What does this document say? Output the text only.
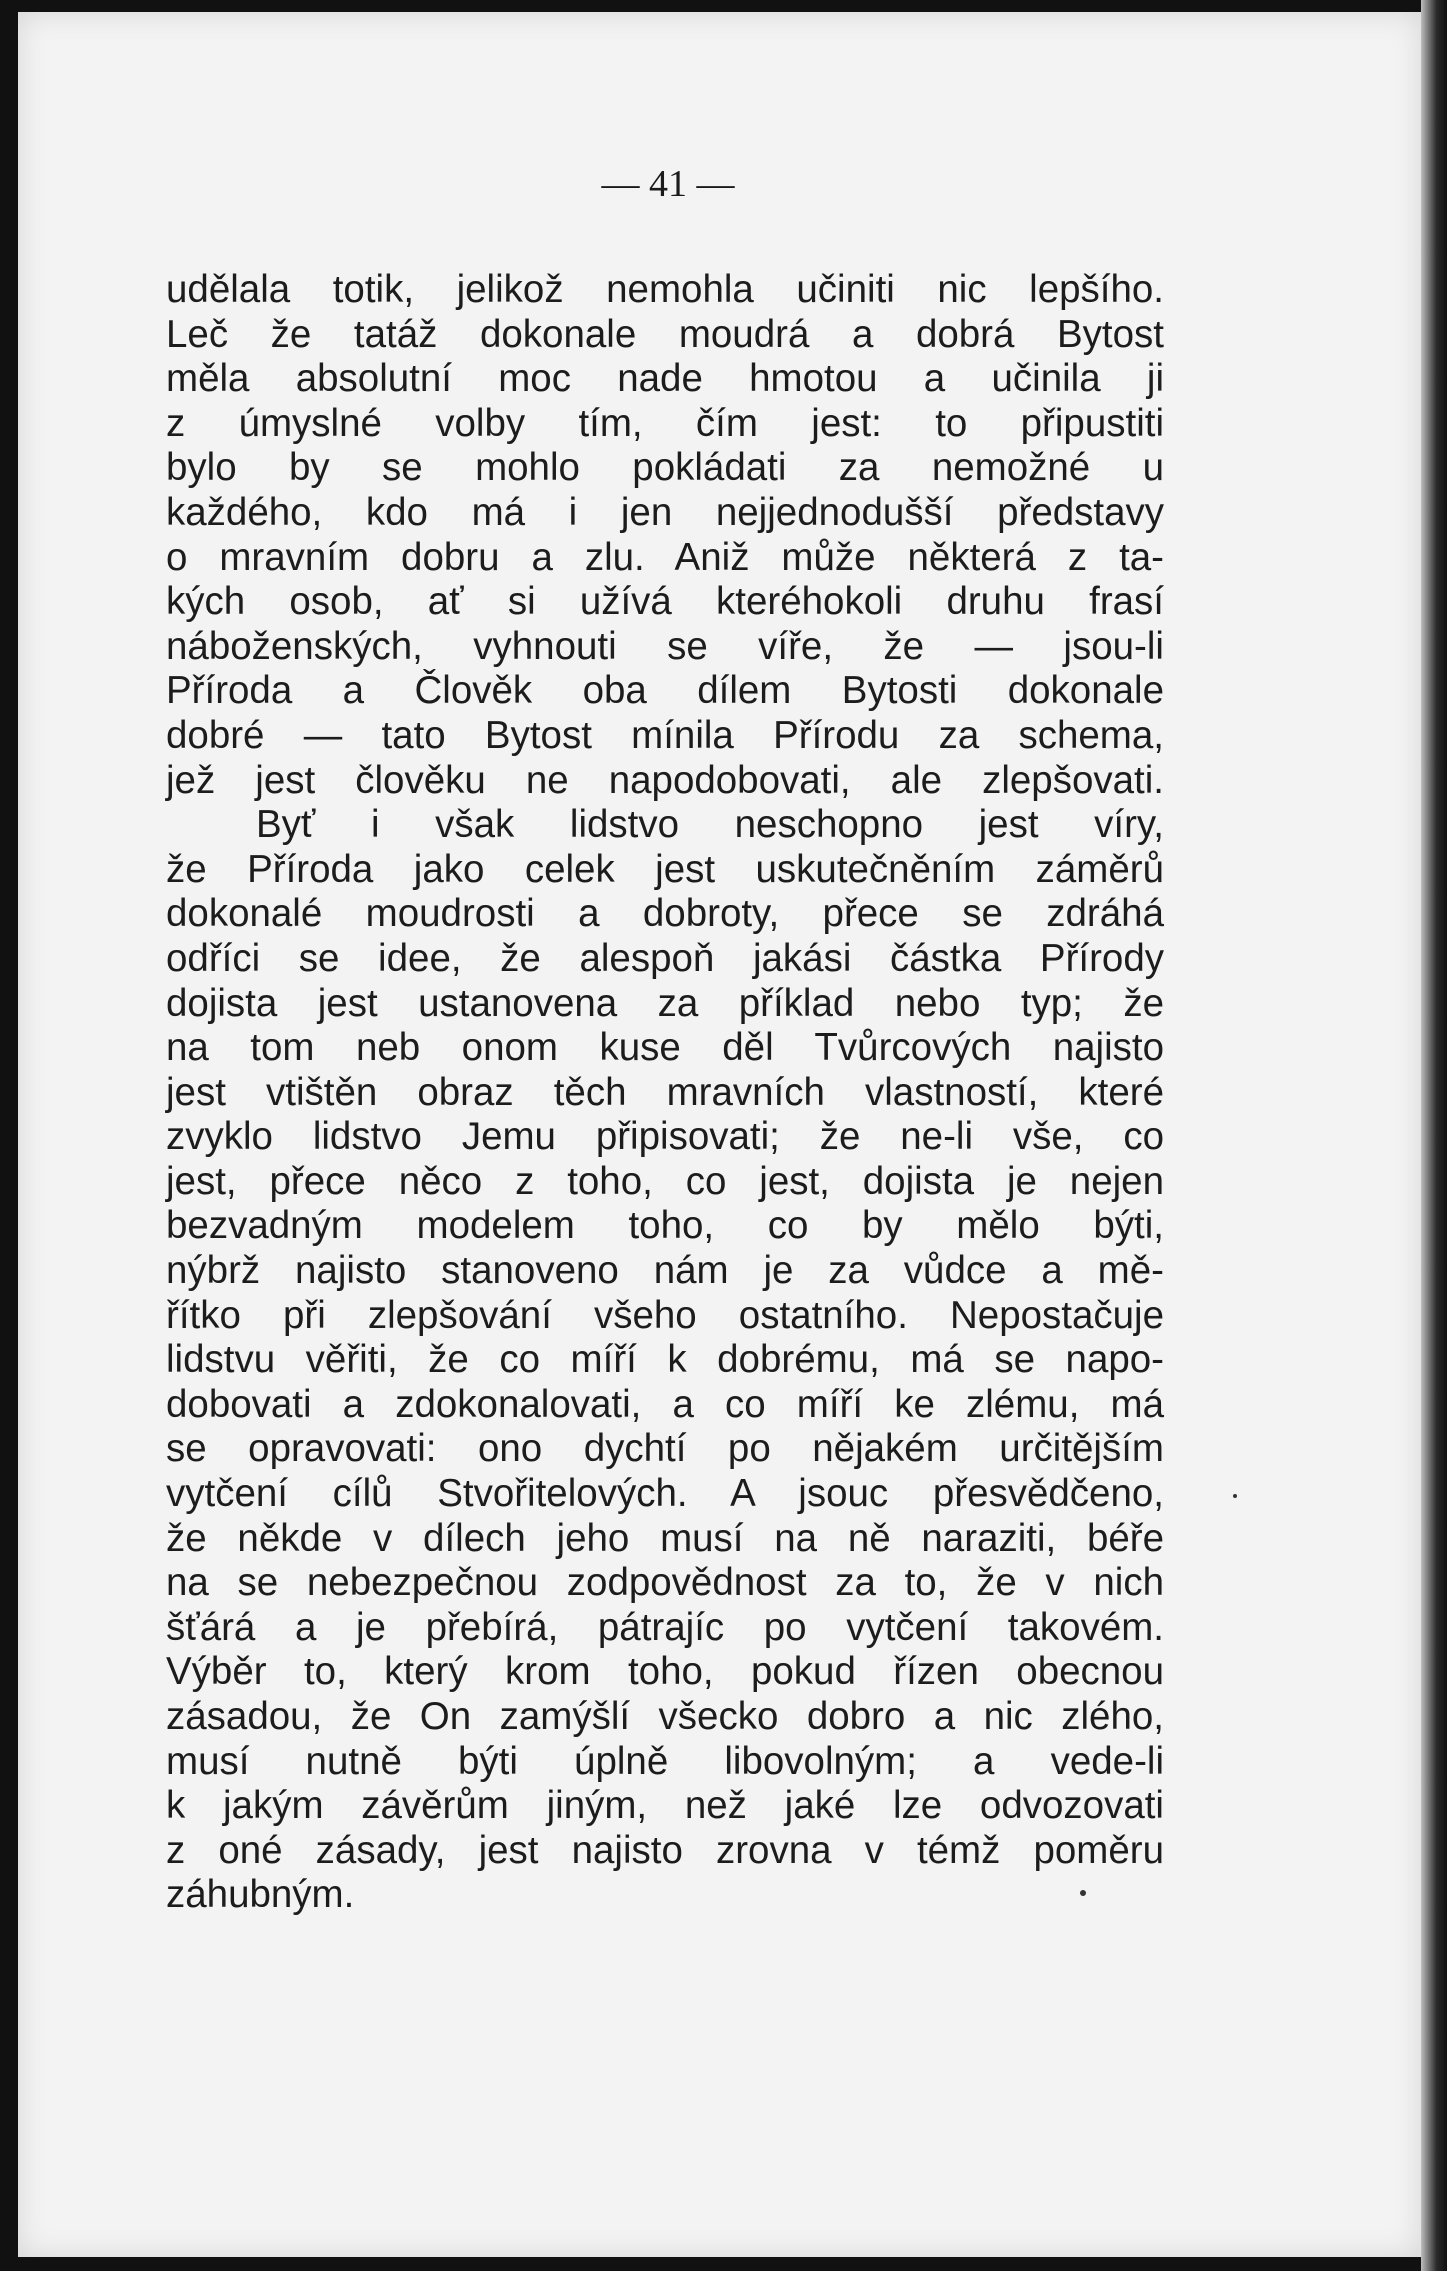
— 41 —
udělala totik, jelikož nemohla učiniti nic lepšího.
Leč že tatáž dokonale moudrá a dobrá Bytost
měla absolutní moc nade hmotou a učinila ji
z úmyslné volby tím, čím jest: to připustiti
bylo by se mohlo pokládati za nemožné u
každého, kdo má i jen nejjednodušší představy
o mravním dobru a zlu. Aniž může některá z ta-
kých osob, ať si užívá kteréhokoli druhu frasí
náboženských, vyhnouti se víře, že — jsou-li
Příroda a Člověk oba dílem Bytosti dokonale
dobré — tato Bytost mínila Přírodu za schema,
jež jest člověku ne napodobovati, ale zlepšovati.
Byť i však lidstvo neschopno jest víry,
že Příroda jako celek jest uskutečněním záměrů
dokonalé moudrosti a dobroty, přece se zdráhá
odříci se idee, že alespoň jakási částka Přírody
dojista jest ustanovena za příklad nebo typ; že
na tom neb onom kuse děl Tvůrcových najisto
jest vtištěn obraz těch mravních vlastností, které
zvyklo lidstvo Jemu připisovati; že ne-li vše, co
jest, přece něco z toho, co jest, dojista je nejen
bezvadným modelem toho, co by mělo býti,
nýbrž najisto stanoveno nám je za vůdce a mě-
řítko při zlepšování všeho ostatního. Nepostačuje
lidstvu věřiti, že co míří k dobrému, má se napo-
dobovati a zdokonalovati, a co míří ke zlému, má
se opravovati: ono dychtí po nějakém určitějším
vytčení cílů Stvořitelových. A jsouc přesvědčeno,
že někde v dílech jeho musí na ně naraziti, béře
na se nebezpečnou zodpovědnost za to, že v nich
šťárá a je přebírá, pátrajíc po vytčení takovém.
Výběr to, který krom toho, pokud řízen obecnou
zásadou, že On zamýšlí všecko dobro a nic zlého,
musí nutně býti úplně libovolným; a vede-li
k jakým závěrům jiným, než jaké lze odvozovati
z oné zásady, jest najisto zrovna v témž poměru
záhubným.
